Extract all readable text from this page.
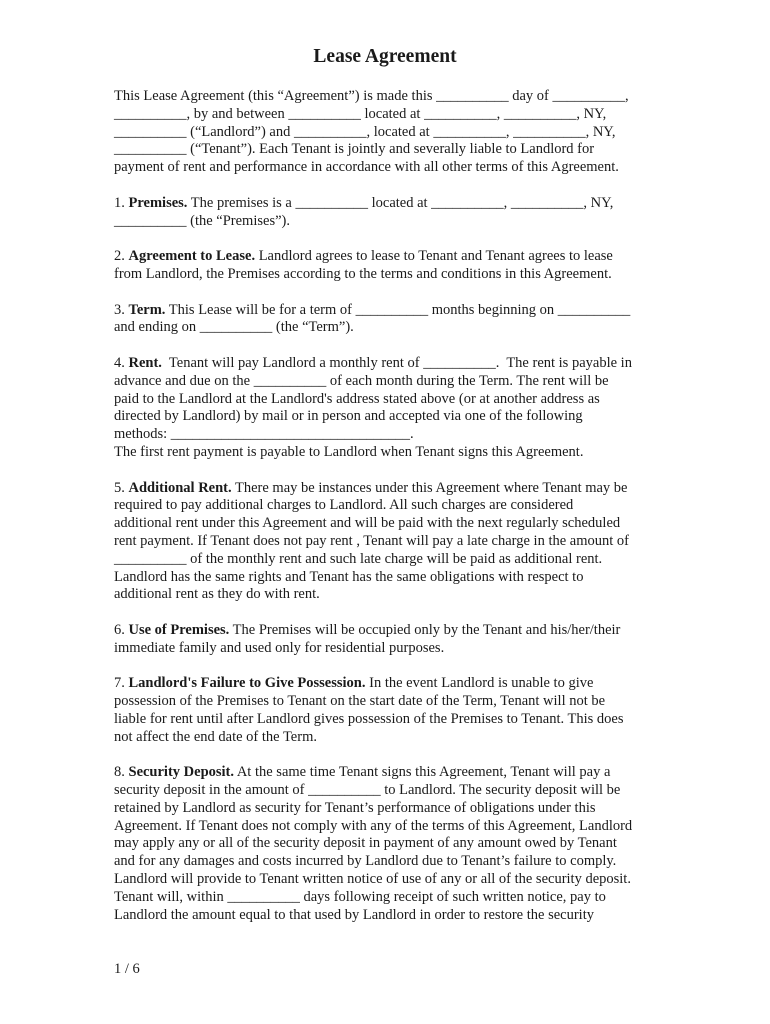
Lease Agreement

This Lease Agreement (this “Agreement”) is made this __________ day of __________,
__________, by and between __________ located at __________, __________, NY,
__________ (“Landlord”) and __________, located at __________, __________, NY,
__________ (“Tenant”). Each Tenant is jointly and severally liable to Landlord for
payment of rent and performance in accordance with all other terms of this Agreement.

1. Premises. The premises is a __________ located at __________, __________, NY,
__________ (the “Premises”).

2. Agreement to Lease. Landlord agrees to lease to Tenant and Tenant agrees to lease
from Landlord, the Premises according to the terms and conditions in this Agreement.

3. Term. This Lease will be for a term of __________ months beginning on __________
and ending on __________ (the “Term”).

4. Rent.  Tenant will pay Landlord a monthly rent of __________.  The rent is payable in
advance and due on the __________ of each month during the Term. The rent will be
paid to the Landlord at the Landlord's address stated above (or at another address as
directed by Landlord) by mail or in person and accepted via one of the following
methods: _________________________________.
The first rent payment is payable to Landlord when Tenant signs this Agreement.

5. Additional Rent. There may be instances under this Agreement where Tenant may be
required to pay additional charges to Landlord. All such charges are considered
additional rent under this Agreement and will be paid with the next regularly scheduled
rent payment. If Tenant does not pay rent , Tenant will pay a late charge in the amount of
__________ of the monthly rent and such late charge will be paid as additional rent.
Landlord has the same rights and Tenant has the same obligations with respect to
additional rent as they do with rent.

6. Use of Premises. The Premises will be occupied only by the Tenant and his/her/their
immediate family and used only for residential purposes.

7. Landlord's Failure to Give Possession. In the event Landlord is unable to give
possession of the Premises to Tenant on the start date of the Term, Tenant will not be
liable for rent until after Landlord gives possession of the Premises to Tenant. This does
not affect the end date of the Term.

8. Security Deposit. At the same time Tenant signs this Agreement, Tenant will pay a
security deposit in the amount of __________ to Landlord. The security deposit will be
retained by Landlord as security for Tenant’s performance of obligations under this
Agreement. If Tenant does not comply with any of the terms of this Agreement, Landlord
may apply any or all of the security deposit in payment of any amount owed by Tenant
and for any damages and costs incurred by Landlord due to Tenant’s failure to comply.
Landlord will provide to Tenant written notice of use of any or all of the security deposit.
Tenant will, within __________ days following receipt of such written notice, pay to
Landlord the amount equal to that used by Landlord in order to restore the security

1 / 6
